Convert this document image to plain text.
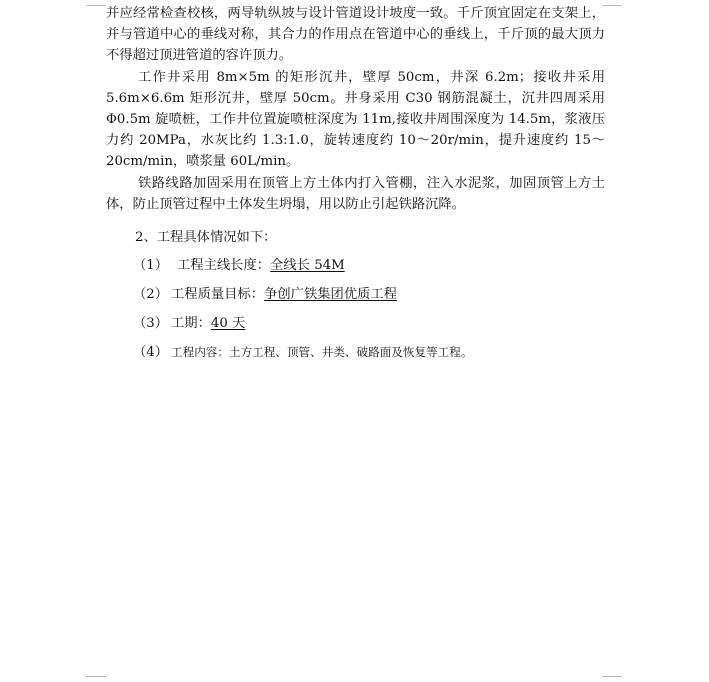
并应经常检查校核，两导轨纵坡与设计管道设计坡度一致。千斤顶宜固定在支架上，并与管道中心的垂线对称，其合力的作用点在管道中心的垂线上，千斤顶的最大顶力不得超过顶进管道的容许顶力。

工作井采用 8m×5m 的矩形沉井，壁厚 50cm，井深 6.2m；接收井采用 5.6m×6.6m 矩形沉井，壁厚 50cm。井身采用 C30 钢筋混凝土，沉井四周采用Φ0.5m 旋喷桩，工作井位置旋喷桩深度为 11m,接收井周围深度为 14.5m，浆液压力约 20MPa，水灰比约 1.3:1.0，旋转速度约 10～20r/min，提升速度约 15～20cm/min，喷浆量 60L/min。

铁路线路加固采用在顶管上方土体内打入管棚，注入水泥浆，加固顶管上方土体，防止顶管过程中土体发生坍塌，用以防止引起铁路沉降。

2、工程具体情况如下：
（1） 工程主线长度：全线长 54M
（2） 工程质量目标：争创广铁集团优质工程
（3） 工期：40 天
（4） 工程内容：土方工程、顶管、井类、破路面及恢复等工程。
